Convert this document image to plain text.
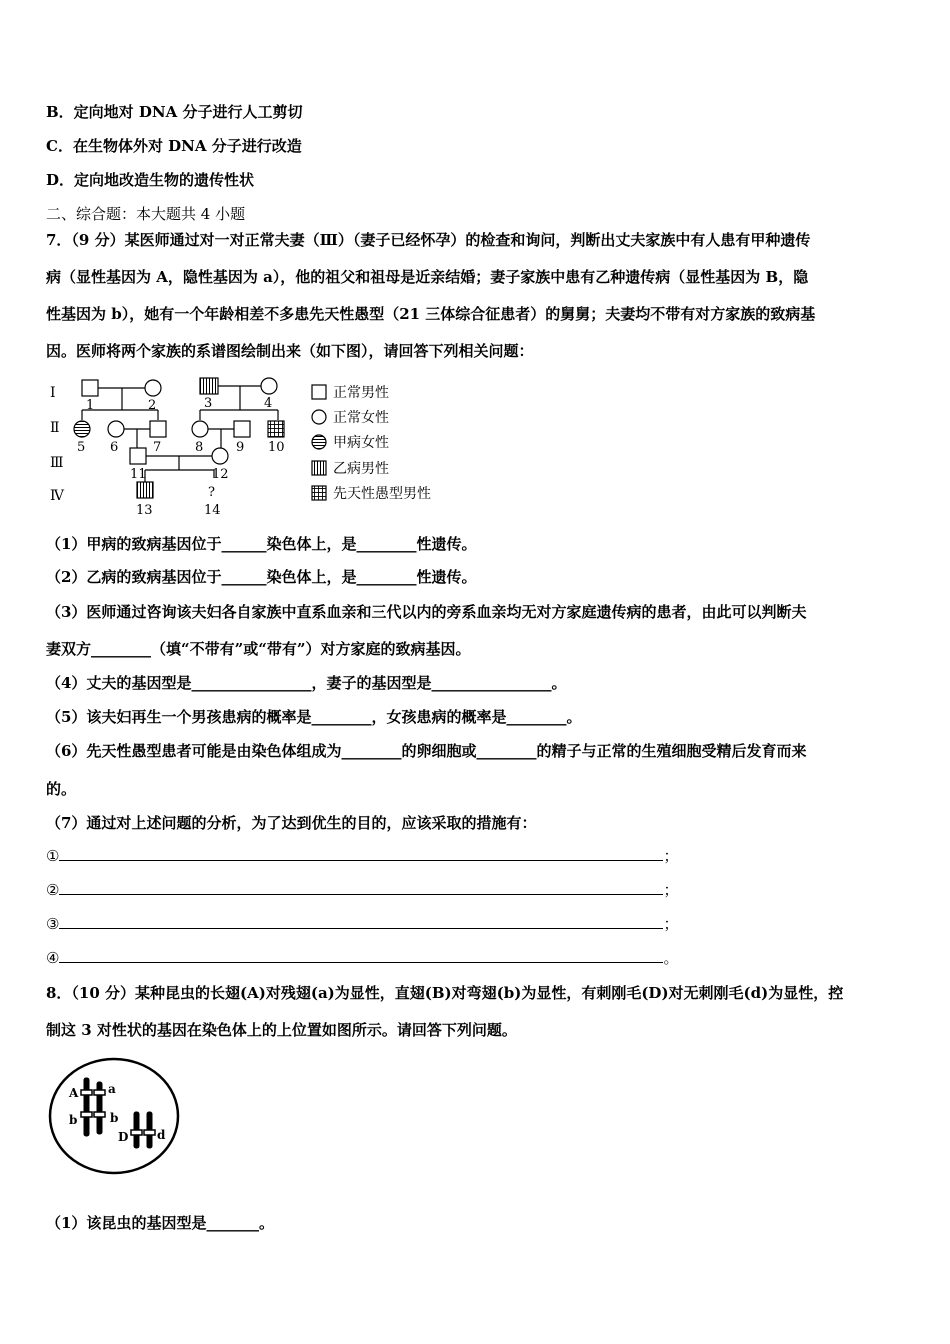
B．定向地对 DNA 分子进行人工剪切
C．在生物体外对 DNA 分子进行改造
D．定向地改造生物的遗传性状
二、综合题：本大题共 4 小题
7．（9 分）某医师通过对一对正常夫妻（Ⅲ）（妻子已经怀孕）的检查和询问，判断出丈夫家族中有人患有甲种遗传
病（显性基因为 A，隐性基因为 a），他的祖父和祖母是近亲结婚；妻子家族中患有乙种遗传病（显性基因为 B，隐
性基因为 b），她有一个年龄相差不多患先天性愚型（21 三体综合征患者）的舅舅；夫妻均不带有对方家族的致病基
因。医师将两个家族的系谱图绘制出来（如下图），请回答下列相关问题：
Ⅰ
Ⅱ
Ⅲ
Ⅳ
1	2	3	4
5 6	7	8	9 10
11	12
13	14
?
正常男性
正常女性
甲病女性
乙病男性
先天性愚型男性
（1）甲病的致病基因位于______染色体上，是________性遗传。
（2）乙病的致病基因位于______染色体上，是________性遗传。
（3）医师通过咨询该夫妇各自家族中直系血亲和三代以内的旁系血亲均无对方家庭遗传病的患者，由此可以判断夫
妻双方________（填“不带有”或“带有”）对方家庭的致病基因。
（4）丈夫的基因型是________________，妻子的基因型是________________。
（5）该夫妇再生一个男孩患病的概率是________，女孩患病的概率是________。
（6）先天性愚型患者可能是由染色体组成为________的卵细胞或________的精子与正常的生殖细胞受精后发育而来
的。
（7）通过对上述问题的分析，为了达到优生的目的，应该采取的措施有：
①	；
②	；
③	；
④	。
8．（10 分）某种昆虫的长翅(A)对残翅(a)为显性，直翅(B)对弯翅(b)为显性，有刺刚毛(D)对无刺刚毛(d)为显性，控
制这 3 对性状的基因在染色体上的上位置如图所示。请回答下列问题。
A a
b	b
D d
（1）该昆虫的基因型是_______。
